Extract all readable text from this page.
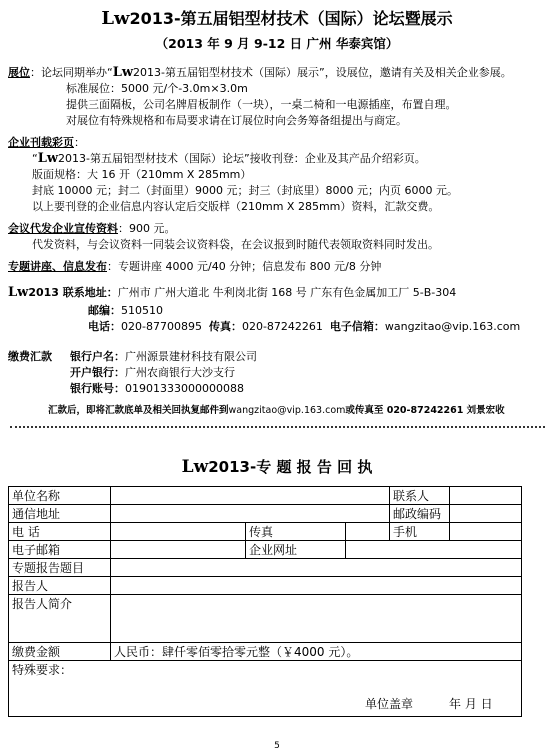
Lw2013-第五届铝型材技术（国际）论坛暨展示
（2013 年 9 月 9-12 日 广州 华泰宾馆）
展位：论坛同期举办“Lw2013-第五届铝型材技术（国际）展示”，设展位，邀请有关及相关企业参展。
标准展位：5000 元/个-3.0m×3.0m
提供三面隔板，公司名牌眉板制作（一块），一桌二椅和一电源插座，布置自理。
对展位有特殊规格和布局要求请在订展位时向会务筹备组提出与商定。
企业刊载彩页：
“Lw2013-第五届铝型材技术（国际）论坛”接收刊登：企业及其产品介绍彩页。
版面规格：大 16 开（210mm X 285mm）
封底 10000 元；封二（封面里）9000 元；封三（封底里）8000 元；内页 6000 元。
以上要刊登的企业信息内容认定后交版样（210mm X 285mm）资料，汇款交费。
会议代发企业宣传资料：900 元。
代发资料，与会议资料一同装会议资料袋，在会议报到时随代表领取资料同时发出。
专题讲座、信息发布：专题讲座 4000 元/40 分钟；信息发布 800 元/8 分钟
Lw2013 联系地址：广州市 广州大道北 牛利岗北街 168 号 广东有色金属加工厂 5-B-304
邮编：510510
电话：020-87700895 传真：020-87242261 电子信箱：wangzitao@vip.163.com
缴费汇款 银行户名：广州源景建材科技有限公司
开户银行：广州农商银行大沙支行
银行账号：01901333000000088
汇款后，即将汇款底单及相关回执复邮件到wangzitao@vip.163.com或传真至 020-87242261 刘景宏收
Lw2013-专 题 报 告 回 执
单位名称				联系人	
通信地址				邮政编码	
电 话		传真		手机	
电子邮箱		企业网址			
专题报告题目					
报告人					
报告人简介					
缴费金额	人民币：肆仟零佰零拾零元整（￥4000 元）。				
特殊要求：
单位盖章 年 月 日					
5
